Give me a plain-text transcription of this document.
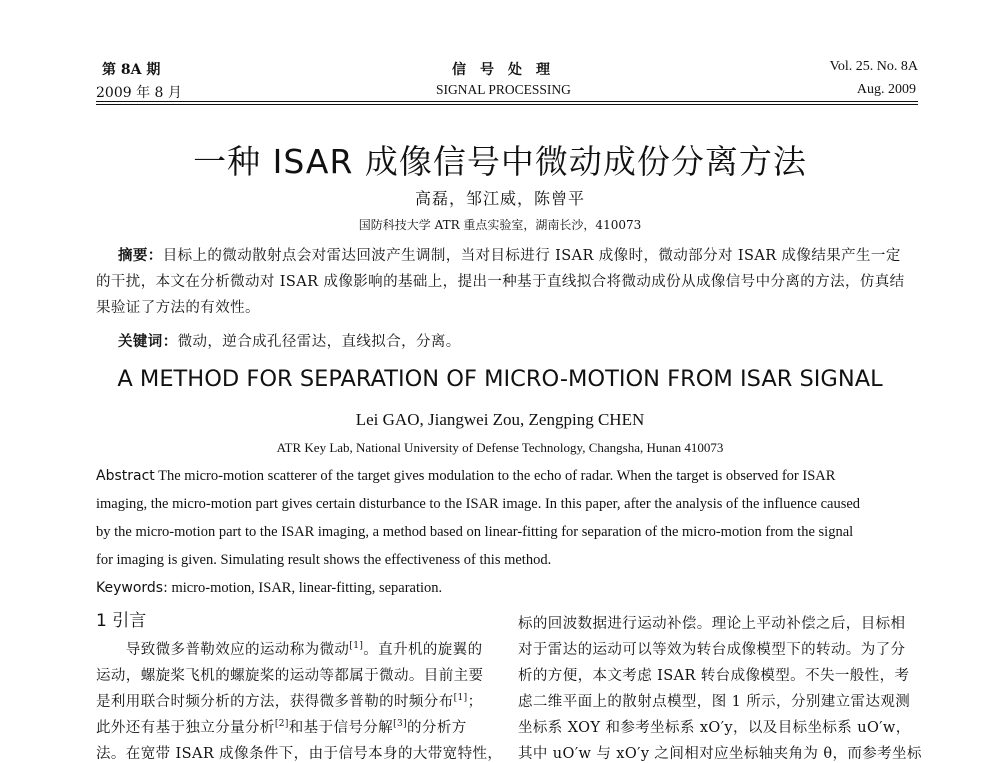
第 8A 期
2009 年 8 月
信　号　处　理
SIGNAL PROCESSING
Vol. 25. No. 8A
Aug. 2009
一种 ISAR 成像信号中微动成份分离方法
高磊，邹江威，陈曾平
国防科技大学 ATR 重点实验室，湖南长沙，410073
摘要：目标上的微动散射点会对雷达回波产生调制，当对目标进行 ISAR 成像时，微动部分对 ISAR 成像结果产生一定
的干扰，本文在分析微动对 ISAR 成像影响的基础上，提出一种基于直线拟合将微动成份从成像信号中分离的方法，仿真结
果验证了方法的有效性。
关键词：微动，逆合成孔径雷达，直线拟合，分离。
A METHOD FOR SEPARATION OF MICRO-MOTION FROM ISAR SIGNAL
Lei GAO, Jiangwei Zou, Zengping CHEN
ATR Key Lab, National University of Defense Technology, Changsha, Hunan 410073
Abstract The micro-motion scatterer of the target gives modulation to the echo of radar. When the target is observed for ISAR
imaging, the micro-motion part gives certain disturbance to the ISAR image. In this paper, after the analysis of the influence caused
by the micro-motion part to the ISAR imaging, a method based on linear-fitting for separation of the micro-motion from the signal
for imaging is given. Simulating result shows the effectiveness of this method.
Keywords: micro-motion, ISAR, linear-fitting, separation.
1 引言
　　导致微多普勒效应的运动称为微动[1]。直升机的旋翼的
运动，螺旋桨飞机的螺旋桨的运动等都属于微动。目前主要
是利用联合时频分析的方法，获得微多普勒的时频分布[1]；
此外还有基于独立分量分析[2]和基于信号分解[3]的分析方
法。在宽带 ISAR 成像条件下，由于信号本身的大带宽特性，
标的回波数据进行运动补偿。理论上平动补偿之后，目标相
对于雷达的运动可以等效为转台成像模型下的转动。为了分
析的方便，本文考虑 ISAR 转台成像模型。不失一般性，考
虑二维平面上的散射点模型，图 1 所示，分别建立雷达观测
坐标系 XOY 和参考坐标系 xO′y，以及目标坐标系 uO′w，
其中 uO′w 与 xO′y 之间相对应坐标轴夹角为 θ，而参考坐标
